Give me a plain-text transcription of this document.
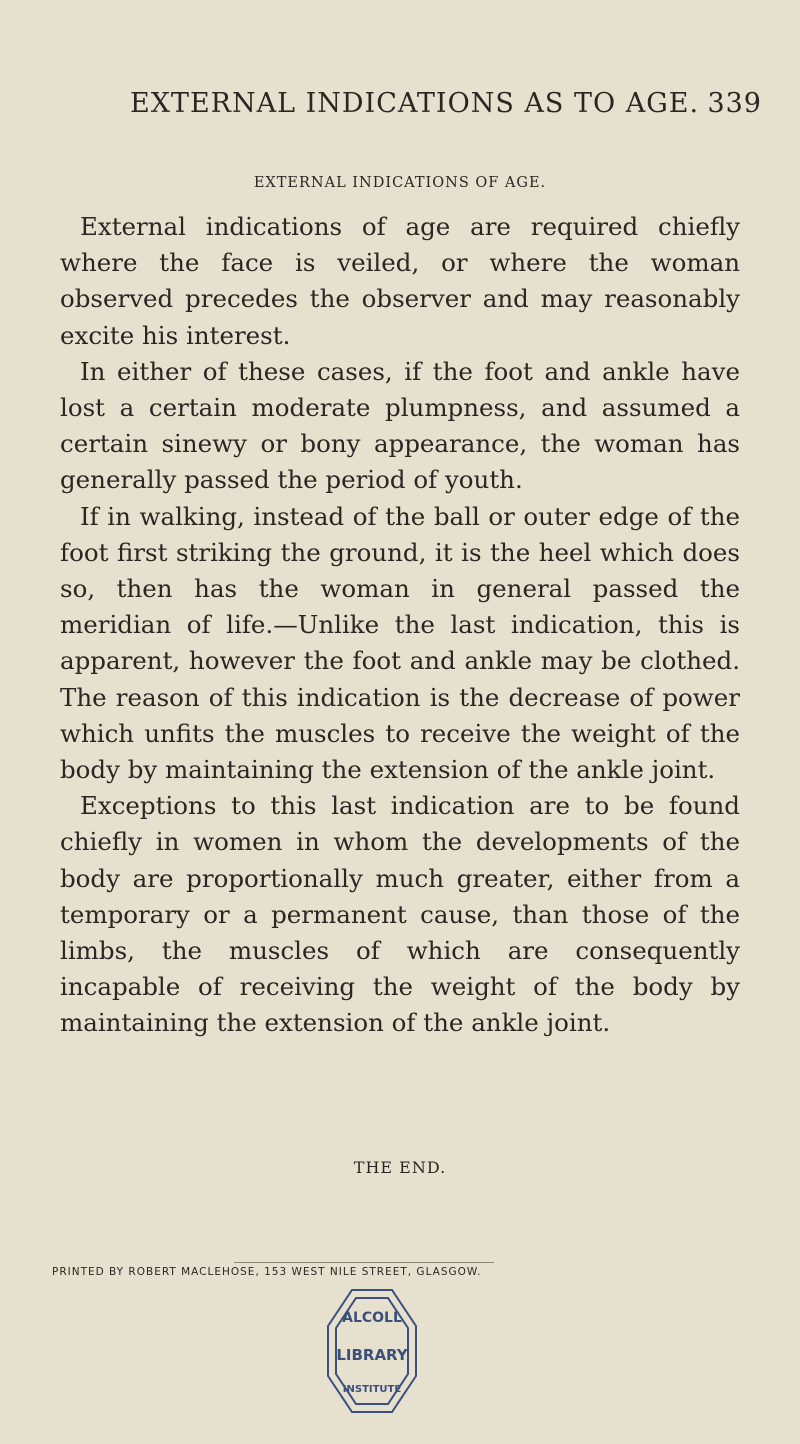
EXTERNAL INDICATIONS AS TO AGE. 339
EXTERNAL INDICATIONS OF AGE.

External indications of age are required chiefly where the face is veiled, or where the woman observed precedes the observer and may reasonably excite his interest.

In either of these cases, if the foot and ankle have lost a certain moderate plumpness, and assumed a certain sinewy or bony appearance, the woman has generally passed the period of youth.

If in walking, instead of the ball or outer edge of the foot first striking the ground, it is the heel which does so, then has the woman in general passed the meridian of life.—Unlike the last indication, this is apparent, however the foot and ankle may be clothed. The reason of this indication is the decrease of power which unfits the muscles to receive the weight of the body by maintaining the extension of the ankle joint.

Exceptions to this last indication are to be found chiefly in women in whom the developments of the body are proportionally much greater, either from a temporary or a permanent cause, than those of the limbs, the muscles of which are consequently incapable of receiving the weight of the body by maintaining the extension of the ankle joint.

THE END.
PRINTED BY ROBERT MACLEHOSE, 153 WEST NILE STREET, GLASGOW.
ALCOLL
LIBRARY
INSTITUTE
